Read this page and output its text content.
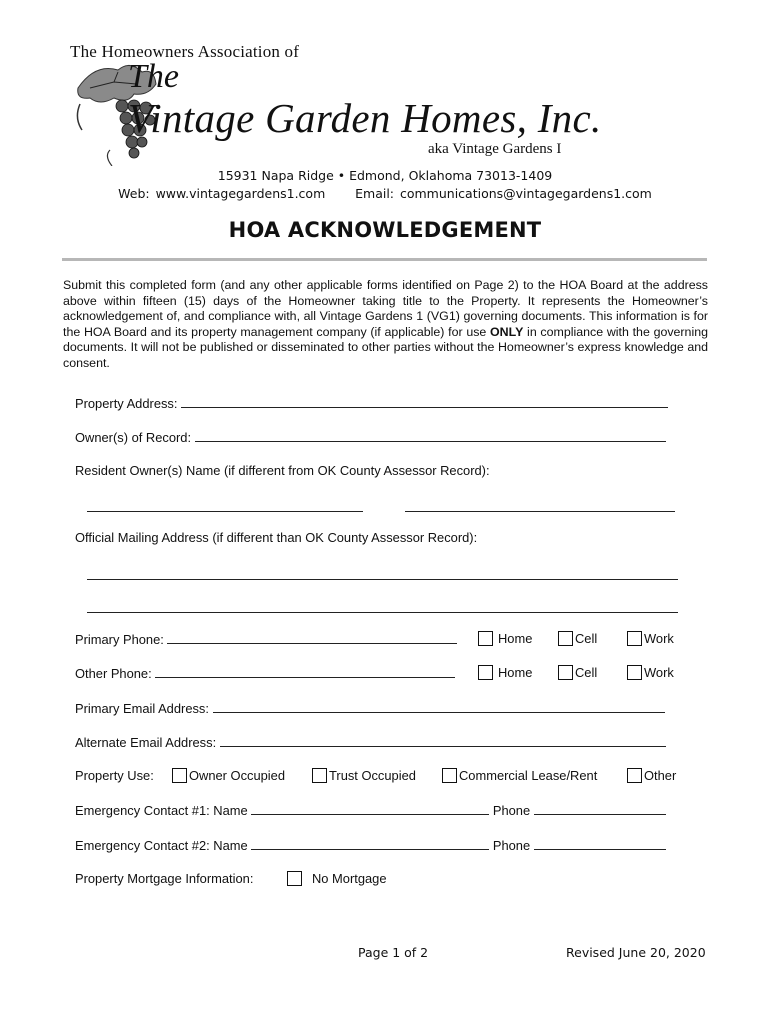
The Homeowners Association of
The
Vintage Garden Homes, Inc.
aka Vintage Gardens I
15931 Napa Ridge • Edmond, Oklahoma 73013-1409
Web: www.vintagegardens1.com     Email: communications@vintagegardens1.com
HOA ACKNOWLEDGEMENT
Submit this completed form (and any other applicable forms identified on Page 2) to the HOA Board at the address above within fifteen (15) days of the Homeowner taking title to the Property. It represents the Homeowner’s acknowledgement of, and compliance with, all Vintage Gardens 1 (VG1) governing documents. This information is for the HOA Board and its property management company (if applicable) for use ONLY in compliance with the governing documents. It will not be published or disseminated to other parties without the Homeowner’s express knowledge and consent.
Property Address:
Owner(s) of Record:
Resident Owner(s) Name (if different from OK County Assessor Record):
Official Mailing Address (if different than OK County Assessor Record):
Primary Phone:	Home	Cell	Work
Other Phone:	Home	Cell	Work
Primary Email Address:
Alternate Email Address:
Property Use:	Owner Occupied	Trust Occupied	Commercial Lease/Rent	Other
Emergency Contact #1: Name	Phone
Emergency Contact #2: Name	Phone
Property Mortgage Information:	No Mortgage
Page 1 of 2	Revised June 20, 2020
